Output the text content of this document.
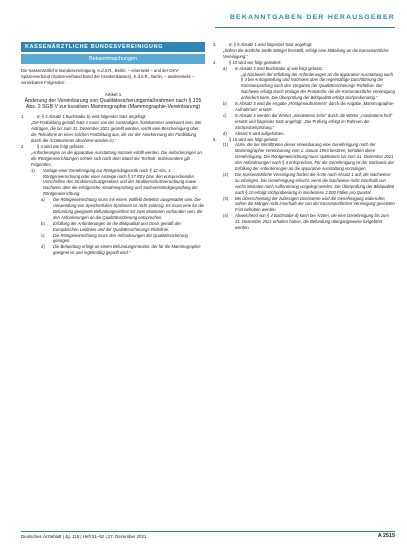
BEKANNTGABEN DER HERAUSGEBER
KASSENÄRZTLICHE BUNDESVEREINIGUNG
Bekanntmachungen

Die Kassenärztliche Bundesvereinigung, K.d.ö.R., Berlin, – einerseits – und der GKV-Spitzenverband (Spitzenverband Bund der Krankenkassen), K.d.ö.R., Berlin, – andererseits – vereinbaren Folgendes:

Artikel 1
Änderung der Vereinbarung von Qualitätssicherungsmaßnahmen nach § 135 Abs. 2 SGB V zur kurativen Mammographie (Mammographie-Vereinbarung)
1.	In § 3 Absatz 1 Buchstabe b) wird folgender Satz angefügt:

„Die Fortbildung gemäß Satz 1 muss von der zuständigen Ärztekammer anerkannt sein. Bei Anträgen, die bis zum 31. Dezember 2021 gestellt werden, reicht eine Bescheinigung über die Teilnahme an einer solchen Fortbildung aus, die vor der Anerkennung der Fortbildung durch die Ärztekammer absolviert worden ist.“

2.	§ 4 wird wie folgt gefasst:

„Anforderungen an die apparative Ausstattung müssen erfüllt werden. Die Anforderungen an die Röntgeneinrichtungen richten sich nach dem Stand der Technik. Insbesondere gilt Folgendes:

1)	Vorlage einer Genehmigung zur Röntgendiagnostik nach § 12 Abs. 1 Röntgenverordnung oder einer Anzeige nach § 17 RöV bzw. den entsprechenden Vorschriften des Strahlenschutzgesetzes und der Strahlenschutzverordnung sowie Nachweis über die erfolgreiche Abnahmeprüfung und Sachverständigenprüfung der Röntgeneinrichtung.
a)	Die Röntgeneinrichtung muss mit einem Vollfeld-Detektor ausgestattet sein. Die Verwendung von Speicherfolien-Systemen ist nicht zulässig. Es muss eine für die Befundung geeignete Befundungseinheit mit zwei Monitoren vorhanden sein, die den Anforderungen an die Qualitätssicherung entsprechen.
b)	Erfüllung der Anforderungen an die Bildqualität und Dosis gemäß der Europäischen Leitlinien und der Qualitätssicherungs-Richtlinie.
c)	Die Röntgeneinrichtung muss den Anforderungen der Qualitätssicherung genügen.
d)	Die Befundung erfolgt an einem Befundungsmonitor, der für die Mammographie geeignet ist und regelmäßig geprüft wird.“
3.	In § 9 Absatz 1 wird folgender Satz angefügt:

„Sofern die ärztliche Stelle Mängel feststellt, erfolgt eine Mitteilung an die Kassenärztliche Vereinigung.“

4.	§ 10 wird wie folgt geändert:
a)	In Absatz 2 wird Buchstabe a) wie folgt gefasst:

„a) Nachweis der Erfüllung der Anforderungen an die apparative Ausstattung nach § 4 bei Antragstellung und Nachweis über die regelmäßige Durchführung der Konstanzprüfung nach den Vorgaben der Qualitätssicherungs-Richtlinie. Der Nachweis erfolgt durch Vorlage der Protokolle, die die Kassenärztliche Vereinigung anfordern kann. Die Überprüfung der Bildqualität erfolgt stichprobenartig.“

b)	In Absatz 3 wird die Angabe „Röntgenaufnahmen“ durch die Angabe „Mammographie-Aufnahmen“ ersetzt.
c)	In Absatz 4 werden die Wörter „mindestens zehn“ durch die Wörter „mindestens fünf“ ersetzt und folgender Satz angefügt: „Die Prüfung erfolgt im Rahmen der Stichprobenprüfung.“
d)	Absatz 5 wird aufgehoben.
5.	§ 15 wird wie folgt gefasst:
(1)	Ärzte, die bei Inkrafttreten dieser Vereinbarung eine Genehmigung nach der Mammographie-Vereinbarung vom 1. Januar 1993 besitzen, behalten diese Genehmigung. Die Röntgeneinrichtung muss spätestens bis zum 31. Dezember 2021 den Anforderungen nach § 4 entsprechen. Für die Genehmigung ist der Nachweis der Erfüllung der Anforderungen an die apparative Ausstattung vorzulegen.
(2)	Die Kassenärztliche Vereinigung fordert die Ärzte nach Absatz 1 auf, die Nachweise zu erbringen. Die Genehmigung erlischt, wenn die Nachweise nicht innerhalb von sechs Monaten nach Aufforderung vorgelegt werden. Die Überprüfung der Bildqualität nach § 10 erfolgt stichprobenartig in mindestens 2.000 Fällen pro Quartal.
(3)	Bei Überschreitung der zulässigen Dosiswerte wird die Genehmigung widerrufen, sofern die Mängel nicht innerhalb der von der Kassenärztlichen Vereinigung gesetzten Frist behoben werden.
(4)	Abweichend von § 4 Buchstabe d) kann bei Ärzten, die eine Genehmigung bis zum 31. Dezember 2021 erhalten haben, die Befundung übergangsweise fortgeführt werden.
Deutsches Ärzteblatt | Jg. 118 | Heft 51–52 | 27. Dezember 2021	A 2515
